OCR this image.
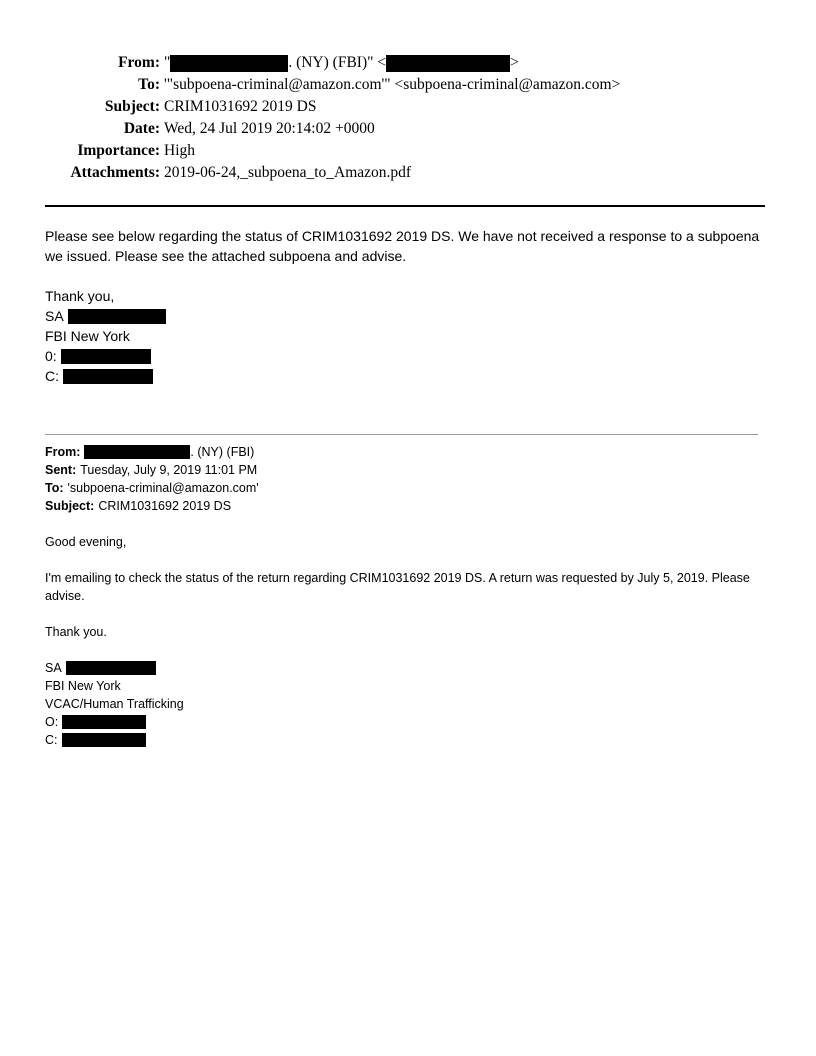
From: "	. (NY) (FBI)" <	>
To: '"subpoena-criminal@amazon.com'" <subpoena-criminal@amazon.com>
Subject: CRIM1031692 2019 DS
Date: Wed, 24 Jul 2019 20:14:02 +0000
Importance: High
Attachments: 2019-06-24,_subpoena_to_Amazon.pdf

Please see below regarding the status of CRIM1031692 2019 DS. We have not received a response to a subpoena we issued. Please see the attached subpoena and advise.

Thank you,
SA
FBI New York
0:
C:
From:	. (NY) (FBI)
Sent: Tuesday, July 9, 2019 11:01 PM
To: 'subpoena-criminal@amazon.com'
Subject: CRIM1031692 2019 DS
Good evening,
I'm emailing to check the status of the return regarding CRIM1031692 2019 DS. A return was requested by July 5, 2019. Please advise.
Thank you.
SA
FBI New York
VCAC/Human Trafficking
O:
C:
